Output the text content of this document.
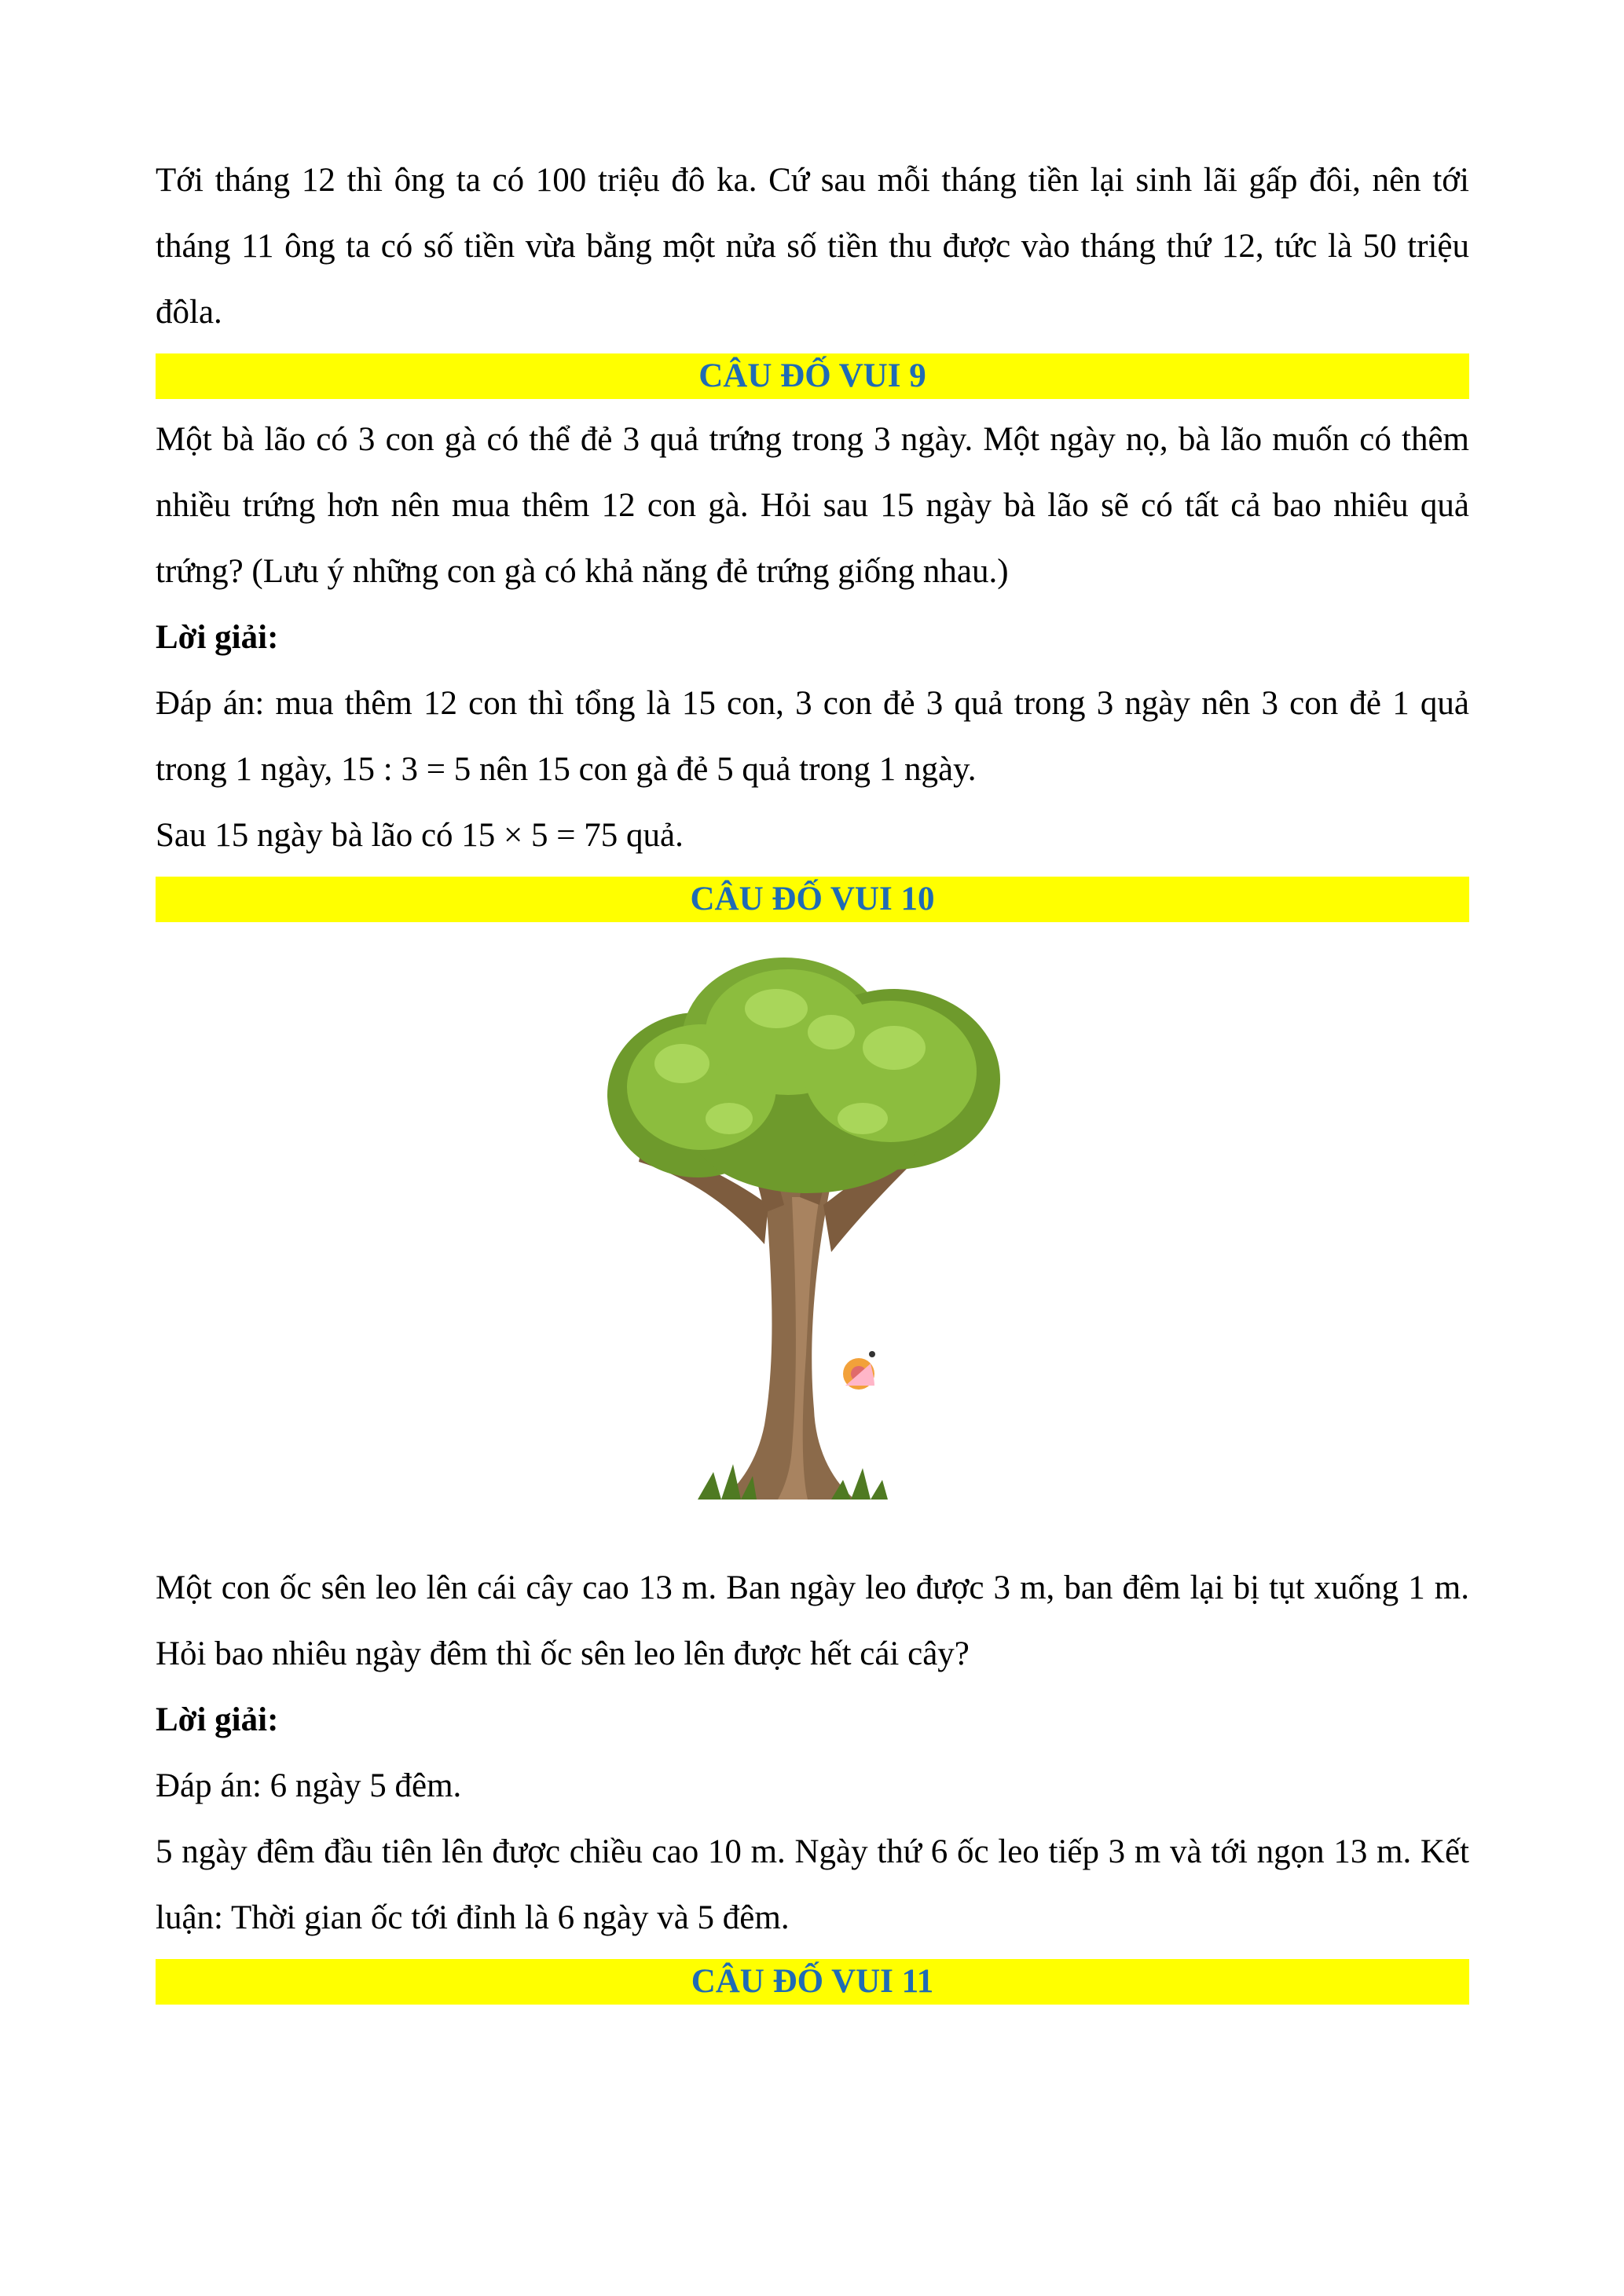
Tới tháng 12 thì ông ta có 100 triệu đô ka. Cứ sau mỗi tháng tiền lại sinh lãi gấp đôi, nên tới tháng 11 ông ta có số tiền vừa bằng một nửa số tiền thu được vào tháng thứ 12, tức là 50 triệu đôla.

CÂU ĐỐ VUI 9

Một bà lão có 3 con gà có thể đẻ 3 quả trứng trong 3 ngày. Một ngày nọ, bà lão muốn có thêm nhiều trứng hơn nên mua thêm 12 con gà. Hỏi sau 15 ngày bà lão sẽ có tất cả bao nhiêu quả trứng? (Lưu ý những con gà có khả năng đẻ trứng giống nhau.)

Lời giải:

Đáp án: mua thêm 12 con thì tổng là 15 con, 3 con đẻ 3 quả trong 3 ngày nên 3 con đẻ 1 quả trong 1 ngày, 15 : 3 = 5 nên 15 con gà đẻ 5 quả trong 1 ngày.

Sau 15 ngày bà lão có 15 × 5 = 75 quả.

CÂU ĐỐ VUI 10

Một con ốc sên leo lên cái cây cao 13 m. Ban ngày leo được 3 m, ban đêm lại bị tụt xuống 1 m. Hỏi bao nhiêu ngày đêm thì ốc sên leo lên được hết cái cây?

Lời giải:

Đáp án: 6 ngày 5 đêm.

5 ngày đêm đầu tiên lên được chiều cao 10 m. Ngày thứ 6 ốc leo tiếp 3 m và tới ngọn 13 m. Kết luận: Thời gian ốc tới đỉnh là 6 ngày và 5 đêm.

CÂU ĐỐ VUI 11
